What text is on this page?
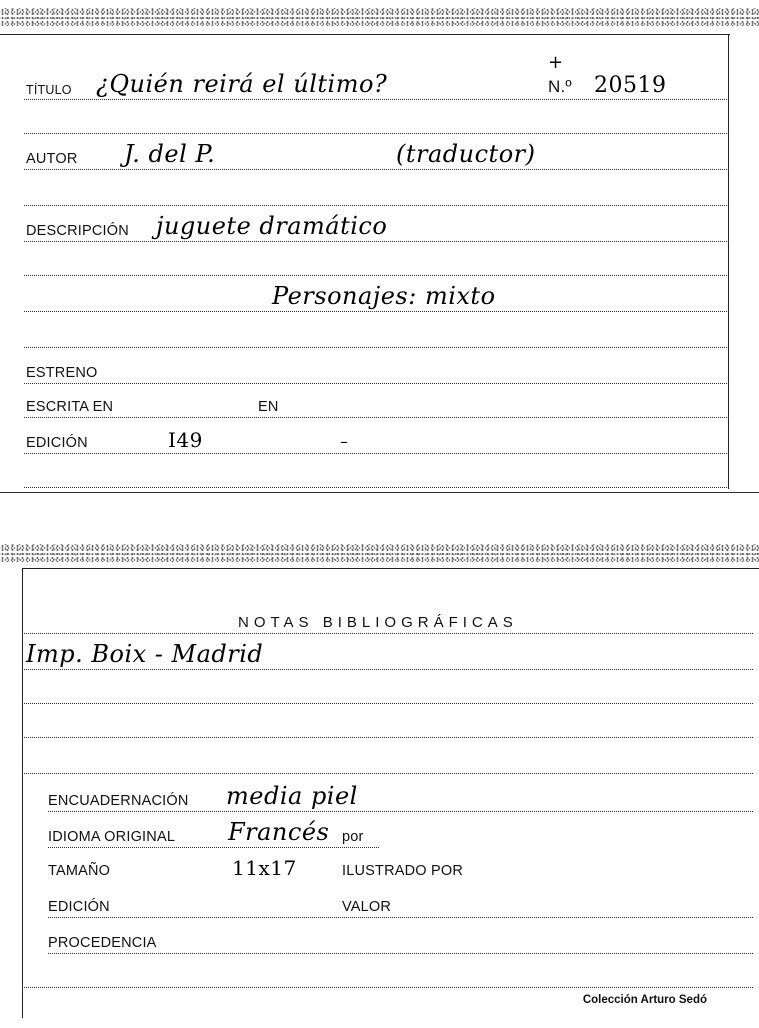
TÍTULO ¿Quién reirá el último?	N.º 20519
+
AUTOR J. del P.	(traductor)
DESCRIPCIÓN juguete dramático
Personajes: mixto
ESTRENO
ESCRITA EN	EN
EDICIÓN	I49	–
NOTAS BIBLIOGRÁFICAS
Imp. Boix - Madrid
ENCUADERNACIÓN media piel
IDIOMA ORIGINAL Francés por
TAMAÑO	11x17	ILUSTRADO POR
EDICIÓN	VALOR
PROCEDENCIA
Colección Arturo Sedó
